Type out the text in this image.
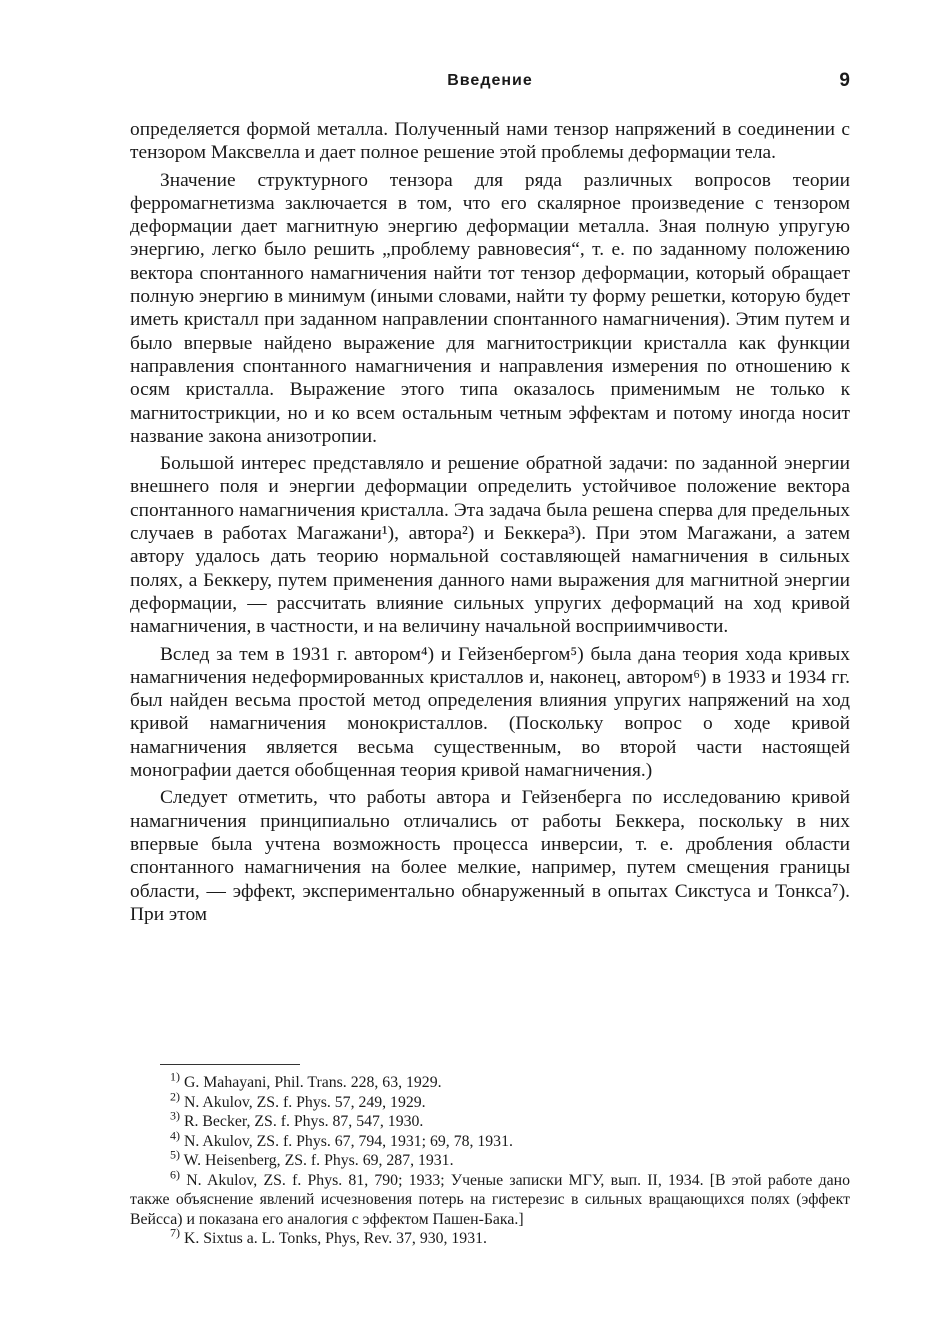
Введение	9

определяется формой металла. Полученный нами тензор напряжений в соединении с тензором Максвелла и дает полное решение этой проблемы деформации тела.

Значение структурного тензора для ряда различных вопросов теории ферромагнетизма заключается в том, что его скалярное произведение с тензором деформации дает магнитную энергию деформации металла. Зная полную упругую энергию, легко было решить „проблему равновесия“, т. е. по заданному положению вектора спонтанного намагничения найти тот тензор деформации, который обращает полную энергию в минимум (иными словами, найти ту форму решетки, которую будет иметь кристалл при заданном направлении спонтанного намагничения). Этим путем и было впервые найдено выражение для магнитострикции кристалла как функции направления спонтанного намагничения и направления измерения по отношению к осям кристалла. Выражение этого типа оказалось применимым не только к магнитострикции, но и ко всем остальным четным эффектам и потому иногда носит название закона анизотропии.

Большой интерес представляло и решение обратной задачи: по заданной энергии внешнего поля и энергии деформации определить устойчивое положение вектора спонтанного намагничения кристалла. Эта задача была решена сперва для предельных случаев в работах Магажани¹), автора²) и Беккера³). При этом Магажани, а затем автору удалось дать теорию нормальной составляющей намагничения в сильных полях, а Беккеру, путем применения данного нами выражения для магнитной энергии деформации, — рассчитать влияние сильных упругих деформаций на ход кривой намагничения, в частности, и на величину начальной восприимчивости.

Вслед за тем в 1931 г. автором⁴) и Гейзенбергом⁵) была дана теория хода кривых намагничения недеформированных кристаллов и, наконец, автором⁶) в 1933 и 1934 гг. был найден весьма простой метод определения влияния упругих напряжений на ход кривой намагничения монокристаллов. (Поскольку вопрос о ходе кривой намагничения является весьма существенным, во второй части настоящей монографии дается обобщенная теория кривой намагничения.)

Следует отметить, что работы автора и Гейзенберга по исследованию кривой намагничения принципиально отличались от работы Беккера, поскольку в них впервые была учтена возможность процесса инверсии, т. е. дробления области спонтанного намагничения на более мелкие, например, путем смещения границы области, — эффект, экспериментально обнаруженный в опытах Сикстуса и Тонкса⁷). При этом

$^{1)}$ G. Mahayani, Phil. Trans. 228, 63, 1929.

$^{2)}$ N. Akulov, ZS. f. Phys. 57, 249, 1929.

$^{3)}$ R. Becker, ZS. f. Phys. 87, 547, 1930.

$^{4)}$ N. Akulov, ZS. f. Phys. 67, 794, 1931; 69, 78, 1931.

$^{5)}$ W. Heisenberg, ZS. f. Phys. 69, 287, 1931.

$^{6)}$ N. Akulov, ZS. f. Phys. 81, 790; 1933; Ученые записки МГУ, вып. II, 1934. [В этой работе дано также объяснение явлений исчезновения потерь на гистерезис в сильных вращающихся полях (эффект Вейсса) и показана его аналогия с эффектом Пашен-Бака.]

$^{7)}$ K. Sixtus a. L. Tonks, Phys, Rev. 37, 930, 1931.
